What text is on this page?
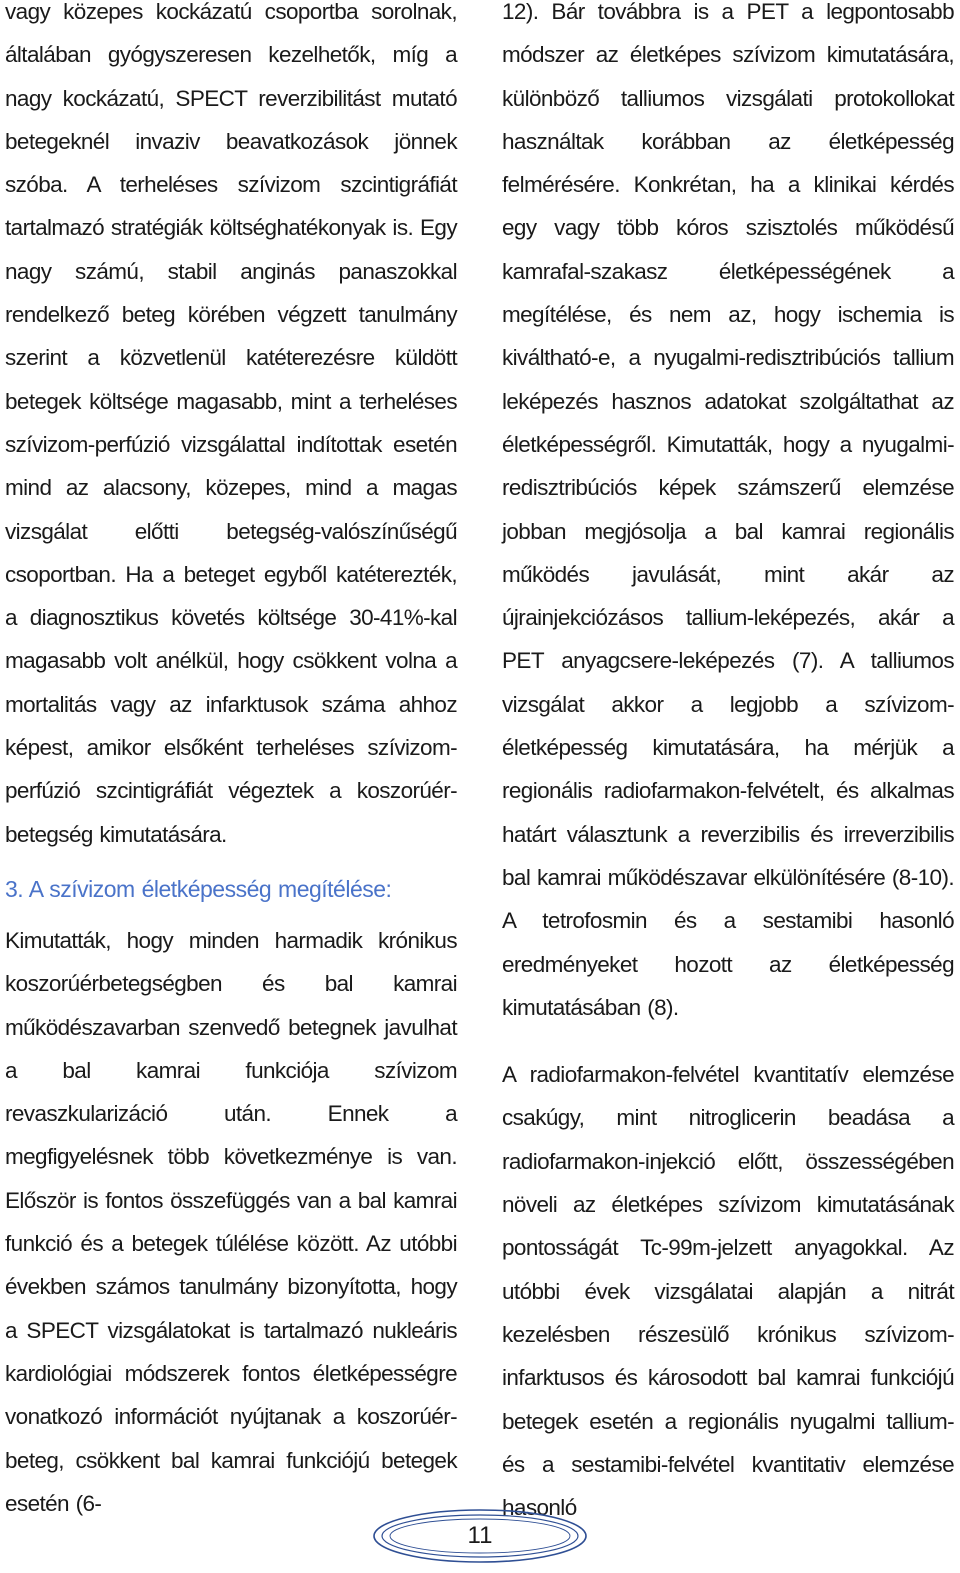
vagy közepes kockázatú csoportba sorolnak, általában gyógyszeresen kezelhetők, míg a nagy kockázatú, SPECT reverzibilitást mutató betegeknél invaziv beavatkozások jönnek szóba. A terheléses szívizom szcintigráfiát tartalmazó stratégiák költséghatékonyak is. Egy nagy számú, stabil anginás panaszokkal rendelkező beteg körében végzett tanulmány szerint a közvetlenül katéterezésre küldött betegek költsége magasabb, mint a terheléses szívizom-perfúzió vizsgálattal indítottak esetén mind az alacsony, közepes, mind a magas vizsgálat előtti betegség-valószínűségű csoportban. Ha a beteget egyből katéterezték, a diagnosztikus követés költsége 30-41%-kal magasabb volt anélkül, hogy csökkent volna a mortalitás vagy az infarktusok száma ahhoz képest, amikor elsőként terheléses szívizom-perfúzió szcintigráfiát végeztek a koszorúér-betegség kimutatására.

3. A szívizom életképesség megítélése:

Kimutatták, hogy minden harmadik krónikus koszorúérbetegségben és bal kamrai működészavarban szenvedő betegnek javulhat a bal kamrai funkciója szívizom revaszkularizáció után. Ennek a megfigyelésnek több következménye is van. Először is fontos összefüggés van a bal kamrai funkció és a betegek túlélése között. Az utóbbi években számos tanulmány bizonyította, hogy a SPECT vizsgálatokat is tartalmazó nukleáris kardiológiai módszerek fontos életképességre vonatkozó információt nyújtanak a koszorúér-beteg, csökkent bal kamrai funkciójú betegek esetén (6-

12). Bár továbbra is a PET a legpontosabb módszer az életképes szívizom kimutatására, különböző talliumos vizsgálati protokollokat használtak korábban az életképesség felmérésére. Konkrétan, ha a klinikai kérdés egy vagy több kóros szisztolés működésű kamrafal-szakasz életképességének a megítélése, és nem az, hogy ischemia is kiváltható-e, a nyugalmi-redisztribúciós tallium leképezés hasznos adatokat szolgáltathat az életképességről. Kimutatták, hogy a nyugalmi-redisztribúciós képek számszerű elemzése jobban megjósolja a bal kamrai regionális működés javulását, mint akár az újrainjekciózásos tallium-leképezés, akár a PET anyagcsere-leképezés (7). A talliumos vizsgálat akkor a legjobb a szívizom-életképesség kimutatására, ha mérjük a regionális radiofarmakon-felvételt, és alkalmas határt választunk a reverzibilis és irreverzibilis bal kamrai működészavar elkülönítésére (8-10). A tetrofosmin és a sestamibi hasonló eredményeket hozott az életképesség kimutatásában (8).

A radiofarmakon-felvétel kvantitatív elemzése csakúgy, mint nitroglicerin beadása a radiofarmakon-injekció előtt, összességében növeli az életképes szívizom kimutatásának pontosságát Tc-99m-jelzett anyagokkal. Az utóbbi évek vizsgálatai alapján a nitrát kezelésben részesülő krónikus szívizom-infarktusos és károsodott bal kamrai funkciójú betegek esetén a regionális nyugalmi tallium- és a sestamibi-felvétel kvantitativ elemzése hasonló

11
